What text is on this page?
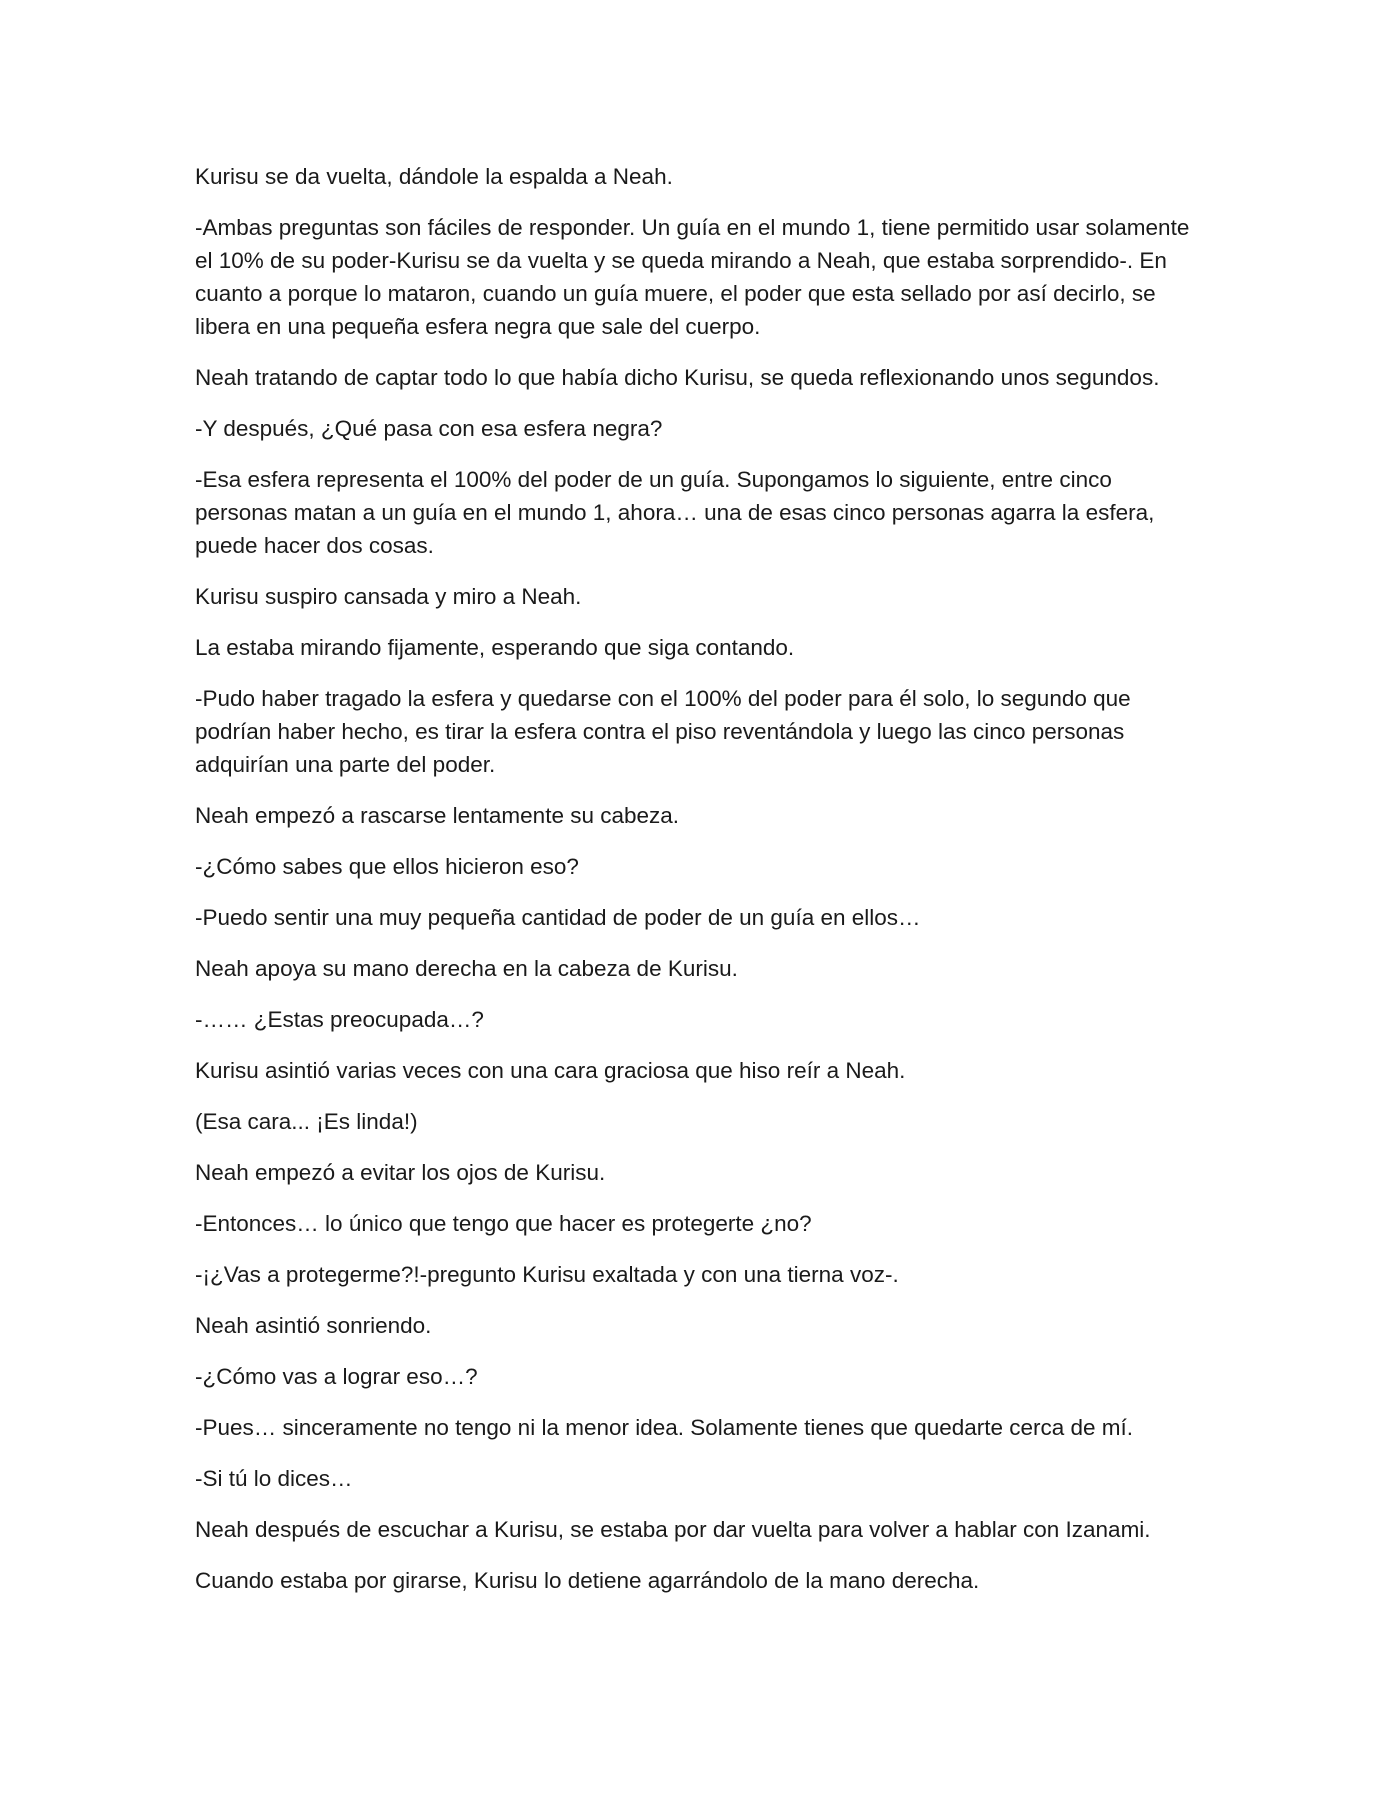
Kurisu se da vuelta, dándole la espalda a Neah.

-Ambas preguntas son fáciles de responder. Un guía en el mundo 1, tiene permitido usar solamente el 10% de su poder-Kurisu se da vuelta y se queda mirando a Neah, que estaba sorprendido-. En cuanto a porque lo mataron, cuando un guía muere, el poder que esta sellado por así decirlo, se libera en una pequeña esfera negra que sale del cuerpo.

Neah tratando de captar todo lo que había dicho Kurisu, se queda reflexionando unos segundos.

-Y después, ¿Qué pasa con esa esfera negra?

-Esa esfera representa el 100% del poder de un guía. Supongamos lo siguiente, entre cinco personas matan a un guía en el mundo 1, ahora… una de esas cinco personas agarra la esfera, puede hacer dos cosas.

Kurisu suspiro cansada y miro a Neah.

La estaba mirando fijamente, esperando que siga contando.

-Pudo haber tragado la esfera y quedarse con el 100% del poder para él solo, lo segundo que podrían haber hecho, es tirar la esfera contra el piso reventándola y luego las cinco personas adquirían una parte del poder.

Neah empezó a rascarse lentamente su cabeza.

-¿Cómo sabes que ellos hicieron eso?

-Puedo sentir una muy pequeña cantidad de poder de un guía en ellos…

Neah apoya su mano derecha en la cabeza de Kurisu.

-…… ¿Estas preocupada…?

Kurisu asintió varias veces con una cara graciosa que hiso reír a Neah.

(Esa cara... ¡Es linda!)

Neah empezó a evitar los ojos de Kurisu.

-Entonces… lo único que tengo que hacer es protegerte ¿no?

-¡¿Vas a protegerme?!-pregunto Kurisu exaltada y con una tierna voz-.

Neah asintió sonriendo.

-¿Cómo vas a lograr eso…?

-Pues… sinceramente no tengo ni la menor idea. Solamente tienes que quedarte cerca de mí.

-Si tú lo dices…

Neah después de escuchar a Kurisu, se estaba por dar vuelta para volver a hablar con Izanami.

Cuando estaba por girarse, Kurisu lo detiene agarrándolo de la mano derecha.
